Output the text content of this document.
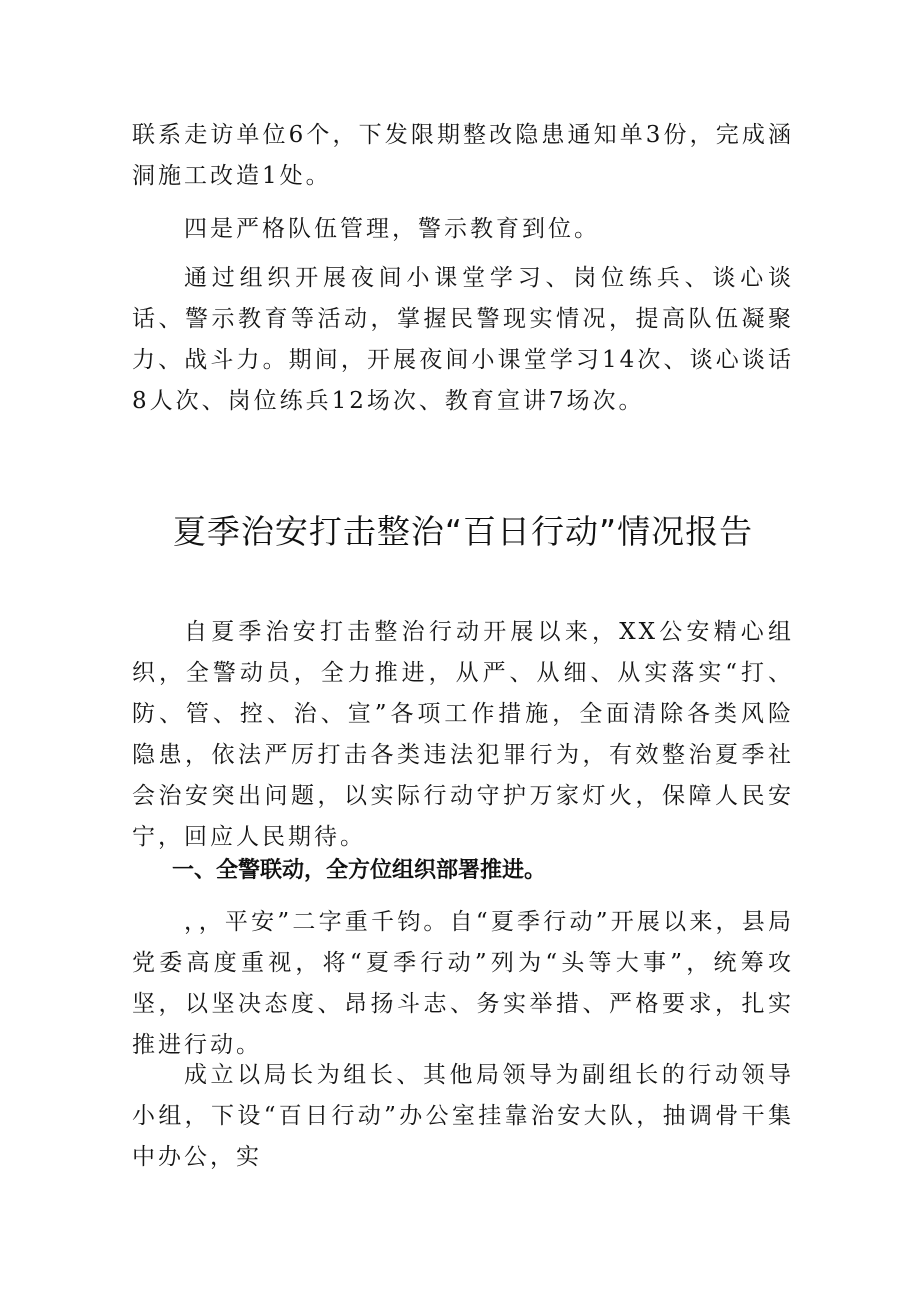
联系走访单位6个，下发限期整改隐患通知单3份，完成涵洞施工改造1处。

四是严格队伍管理，警示教育到位。

通过组织开展夜间小课堂学习、岗位练兵、谈心谈话、警示教育等活动，掌握民警现实情况，提高队伍凝聚力、战斗力。期间，开展夜间小课堂学习14次、谈心谈话8人次、岗位练兵12场次、教育宣讲7场次。

夏季治安打击整治“百日行动”情况报告

自夏季治安打击整治行动开展以来，XX公安精心组织，全警动员，全力推进，从严、从细、从实落实“打、防、管、控、治、宣”各项工作措施，全面清除各类风险隐患，依法严厉打击各类违法犯罪行为，有效整治夏季社会治安突出问题，以实际行动守护万家灯火，保障人民安宁，回应人民期待。

一、全警联动，全方位组织部署推进。

，，平安”二字重千钧。自“夏季行动”开展以来，县局党委高度重视，将“夏季行动”列为“头等大事”，统筹攻坚，以坚决态度、昂扬斗志、务实举措、严格要求，扎实推进行动。

成立以局长为组长、其他局领导为副组长的行动领导小组，下设“百日行动”办公室挂靠治安大队，抽调骨干集中办公，实
